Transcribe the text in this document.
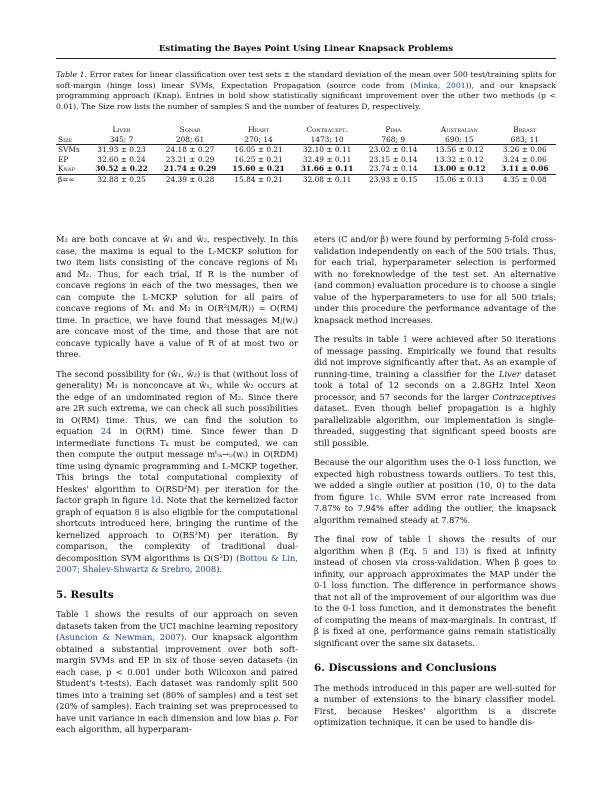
Estimating the Bayes Point Using Linear Knapsack Problems
Table 1. Error rates for linear classification over test sets ± the standard deviation of the mean over 500 test/training splits for soft-margin (hinge loss) linear SVMs, Expectation Propagation (source code from (Minka, 2001)), and our knapsack programming approach (Knap). Entries in bold show statistically significant improvement over the other two methods (p < 0.01). The Size row lists the number of samples S and the number of features D, respectively.
	Liver	Sonar	Heart	Contracept.	Pima	Australian	Breast
Size	345; 7	208; 61	270; 14	1473; 10	768; 9	690; 15	683; 11
SVMs	31.93 ± 0.23	24.18 ± 0.27	16.05 ± 0.21	32.10 ± 0.11	23.02 ± 0.14	13.56 ± 0.12	3.26 ± 0.06
EP	32.60 ± 0.24	23.21 ± 0.29	16.25 ± 0.21	32.49 ± 0.11	23.15 ± 0.14	13.32 ± 0.12	3.24 ± 0.06
Knap	30.52 ± 0.22	21.74 ± 0.29	15.60 ± 0.21	31.66 ± 0.11	23.74 ± 0.14	13.00 ± 0.12	3.11 ± 0.06
β=∞	32.88 ± 0.25	24.39 ± 0.28	15.84 ± 0.21	32.08 ± 0.11	23.93 ± 0.15	15.06 ± 0.13	4.35 ± 0.08

M̂₂ are both concave at ŵ₁ and ŵ₂, respectively. In this case, the maxima is equal to the L-MCKP solution for two item lists consisting of the concave regions of M̂₁ and M̂₂. Thus, for each trial, If R is the number of concave regions in each of the two messages, then we can compute the L-MCKP solution for all pairs of concave regions of M̂₁ and M̂₂ in O(R²(M/R)) = O(RM) time. In practice, we have found that messages Mⱼ(wⱼ) are concave most of the time, and those that are not concave typically have a value of R of at most two or three.

The second possibility for (ŵ₁, ŵ₂) is that (without loss of generality) M̂₁ is nonconcave at ŵ₁, while ŵ₂ occurs at the edge of an undominated region of M̂₂. Since there are 2R such extrema, we can check all such possibilities in O(RM) time. Thus, we can find the solution to equation 24 in O(RM) time. Since fewer than D intermediate functions Tₖ must be computed, we can then compute the output message mᵗ₍ₖ→ᵢ₎(wᵢ) in O(RDM) time using dynamic programming and L-MCKP together. This brings the total computational complexity of Heskes' algorithm to O(RSD²M) per iteration for the factor graph in figure 1d. Note that the kernelized factor graph of equation 8 is also eligible for the computational shortcuts introduced here, bringing the runtime of the kernelized approach to O(RS³M) per iteration. By comparison, the complexity of traditional dual-decomposition SVM algorithms is Ω(S²D) (Bottou & Lin, 2007; Shalev-Shwartz & Srebro, 2008).

5. Results

Table 1 shows the results of our approach on seven datasets taken from the UCI machine learning repository (Asuncion & Newman, 2007). Our knapsack algorithm obtained a substantial improvement over both soft-margin SVMs and EP in six of those seven datasets (in each case, p < 0.001 under both Wilcoxon and paired Student's t-tests). Each dataset was randomly split 500 times into a training set (80% of samples) and a test set (20% of samples). Each training set was preprocessed to have unit variance in each dimension and low bias ρ. For each algorithm, all hyperparam-

eters (C and/or β) were found by performing 5-fold cross-validation independently on each of the 500 trials. Thus, for each trial, hyperparameter selection is performed with no foreknowledge of the test set. An alternative (and common) evaluation procedure is to choose a single value of the hyperparameters to use for all 500 trials; under this procedure the performance advantage of the knapsack method increases.

The results in table 1 were achieved after 50 iterations of message passing. Empirically we found that results did not improve significantly after that. As an example of running-time, training a classifier for the Liver dataset took a total of 12 seconds on a 2.8GHz Intel Xeon processor, and 57 seconds for the larger Contraceptives dataset. Even though belief propagation is a highly parallelizable algorithm, our implementation is single-threaded, suggesting that significant speed boosts are still possible.

Because the our algorithm uses the 0-1 loss function, we expected high robustness towards outliers. To test this, we added a single outlier at position (10, 0) to the data from figure 1c. While SVM error rate increased from 7.87% to 7.94% after adding the outlier, the knapsack algorithm remained steady at 7.87%.

The final row of table 1 shows the results of our algorithm when β (Eq. 5 and 13) is fixed at infinity instead of chosen via cross-validation. When β goes to infinity, our approach approximates the MAP under the 0-1 loss function. The difference in performance shows that not all of the improvement of our algorithm was due to the 0-1 loss function, and it demonstrates the benefit of computing the means of max-marginals. In contrast, if β is fixed at one, performance gains remain statistically significant over the same six datasets.

6. Discussions and Conclusions

The methods introduced in this paper are well-suited for a number of extensions to the binary classifier model. First, because Heskes' algorithm is a discrete optimization technique, it can be used to handle dis-
